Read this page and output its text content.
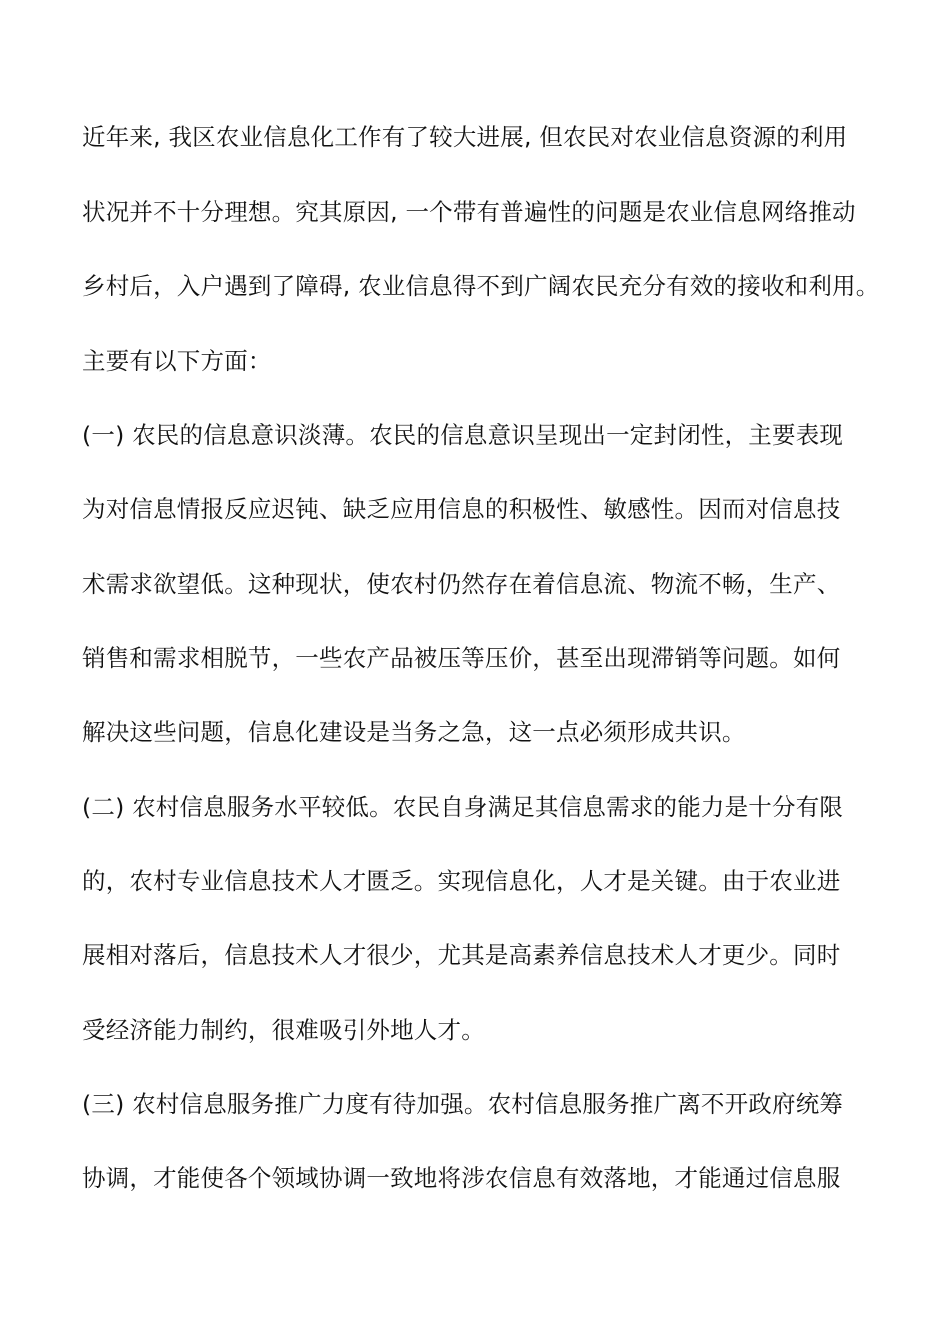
近年来, 我区农业信息化工作有了较大进展, 但农民对农业信息资源的利用
状况并不十分理想。究其原因, 一个带有普遍性的问题是农业信息网络推动
乡村后，入户遇到了障碍, 农业信息得不到广阔农民充分有效的接收和利用。
主要有以下方面：
(一) 农民的信息意识淡薄。农民的信息意识呈现出一定封闭性，主要表现
为对信息情报反应迟钝、缺乏应用信息的积极性、敏感性。因而对信息技
术需求欲望低。这种现状，使农村仍然存在着信息流、物流不畅，生产、
销售和需求相脱节，一些农产品被压等压价，甚至出现滞销等问题。如何
解决这些问题，信息化建设是当务之急，这一点必须形成共识。
(二) 农村信息服务水平较低。农民自身满足其信息需求的能力是十分有限
的，农村专业信息技术人才匮乏。实现信息化，人才是关键。由于农业进
展相对落后，信息技术人才很少，尤其是高素养信息技术人才更少。同时
受经济能力制约，很难吸引外地人才。
(三) 农村信息服务推广力度有待加强。农村信息服务推广离不开政府统筹
协调，才能使各个领域协调一致地将涉农信息有效落地，才能通过信息服
